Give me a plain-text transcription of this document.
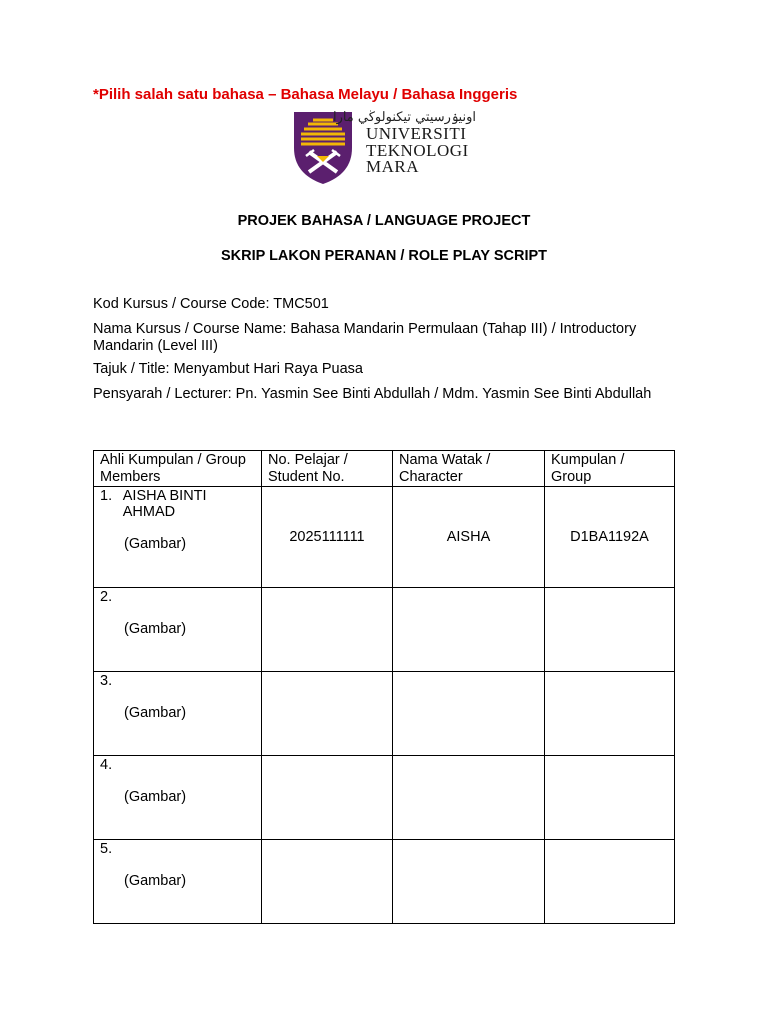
*Pilih salah satu bahasa – Bahasa Melayu / Bahasa Inggeris
اونيۏرسيتي تيكنولوڬي مارا
UNIVERSITI
TEKNOLOGI
MARA
PROJEK BAHASA / LANGUAGE PROJECT
SKRIP LAKON PERANAN / ROLE PLAY SCRIPT
Kod Kursus / Course Code: TMC501
Nama Kursus / Course Name: Bahasa Mandarin Permulaan (Tahap III) / Introductory Mandarin (Level III)
Tajuk / Title: Menyambut Hari Raya Puasa
Pensyarah / Lecturer: Pn. Yasmin See Binti Abdullah / Mdm. Yasmin See Binti Abdullah
Ahli Kumpulan / Group Members	No. Pelajar / Student No.	Nama Watak / Character	Kumpulan / Group

1. AISHA BINTI AHMAD
(Gambar)	2025111111	AISHA	D1BA1192A

2.
(Gambar)			

3.
(Gambar)			

4.
(Gambar)			

5.
(Gambar)			
